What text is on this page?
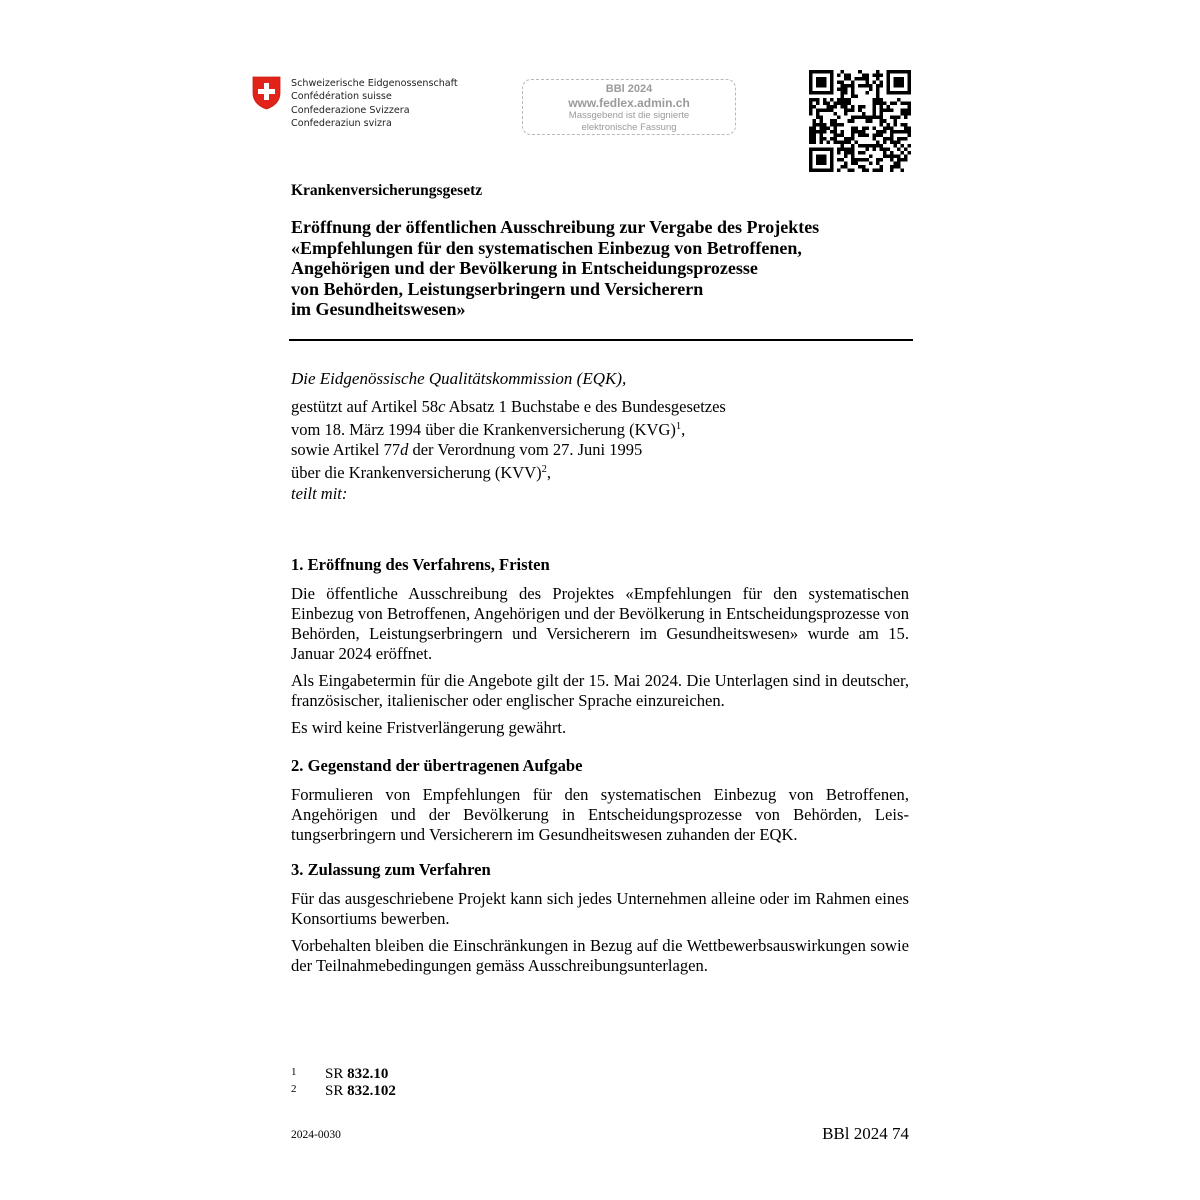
Schweizerische Eidgenossenschaft
Confédération suisse
Confederazione Svizzera
Confederaziun svizra
BBl 2024
www.fedlex.admin.ch
Massgebend ist die signierte
elektronische Fassung
Krankenversicherungsgesetz
Eröffnung der öffentlichen Ausschreibung zur Vergabe des Projektes
«Empfehlungen für den systematischen Einbezug von Betroffenen,
Angehörigen und der Bevölkerung in Entscheidungsprozesse
von Behörden, Leistungserbringern und Versicherern
im Gesundheitswesen»
Die Eidgenössische Qualitätskommission (EQK),
gestützt auf Artikel 58c Absatz 1 Buchstabe e des Bundesgesetzes
vom 18. März 1994 über die Krankenversicherung (KVG)$^1$,
sowie Artikel 77d der Verordnung vom 27. Juni 1995
über die Krankenversicherung (KVV)$^2$,
teilt mit:
1. Eröffnung des Verfahrens, Fristen

Die öffentliche Ausschreibung des Projektes «Empfehlungen für den systematischen Einbezug von Betroffenen, Angehörigen und der Bevölkerung in Entscheidungsprozesse von Behörden, Leistungserbringern und Versicherern im Gesundheitswesen» wurde am 15. Januar 2024 eröffnet.

Als Eingabetermin für die Angebote gilt der 15. Mai 2024. Die Unterlagen sind in deutscher, französischer, italienischer oder englischer Sprache einzureichen.

Es wird keine Fristverlängerung gewährt.

2. Gegenstand der übertragenen Aufgabe

Formulieren von Empfehlungen für den systematischen Einbezug von Betroffenen, Angehörigen und der Bevölkerung in Entscheidungsprozesse von Behörden, Leistungserbringern und Versicherern im Gesundheitswesen zuhanden der EQK.

3. Zulassung zum Verfahren

Für das ausgeschriebene Projekt kann sich jedes Unternehmen alleine oder im Rahmen eines Konsortiums bewerben.

Vorbehalten bleiben die Einschränkungen in Bezug auf die Wettbewerbsauswirkungen sowie der Teilnahmebedingungen gemäss Ausschreibungsunterlagen.

1 SR 832.10
2 SR 832.102
2024-0030	BBl 2024 74
